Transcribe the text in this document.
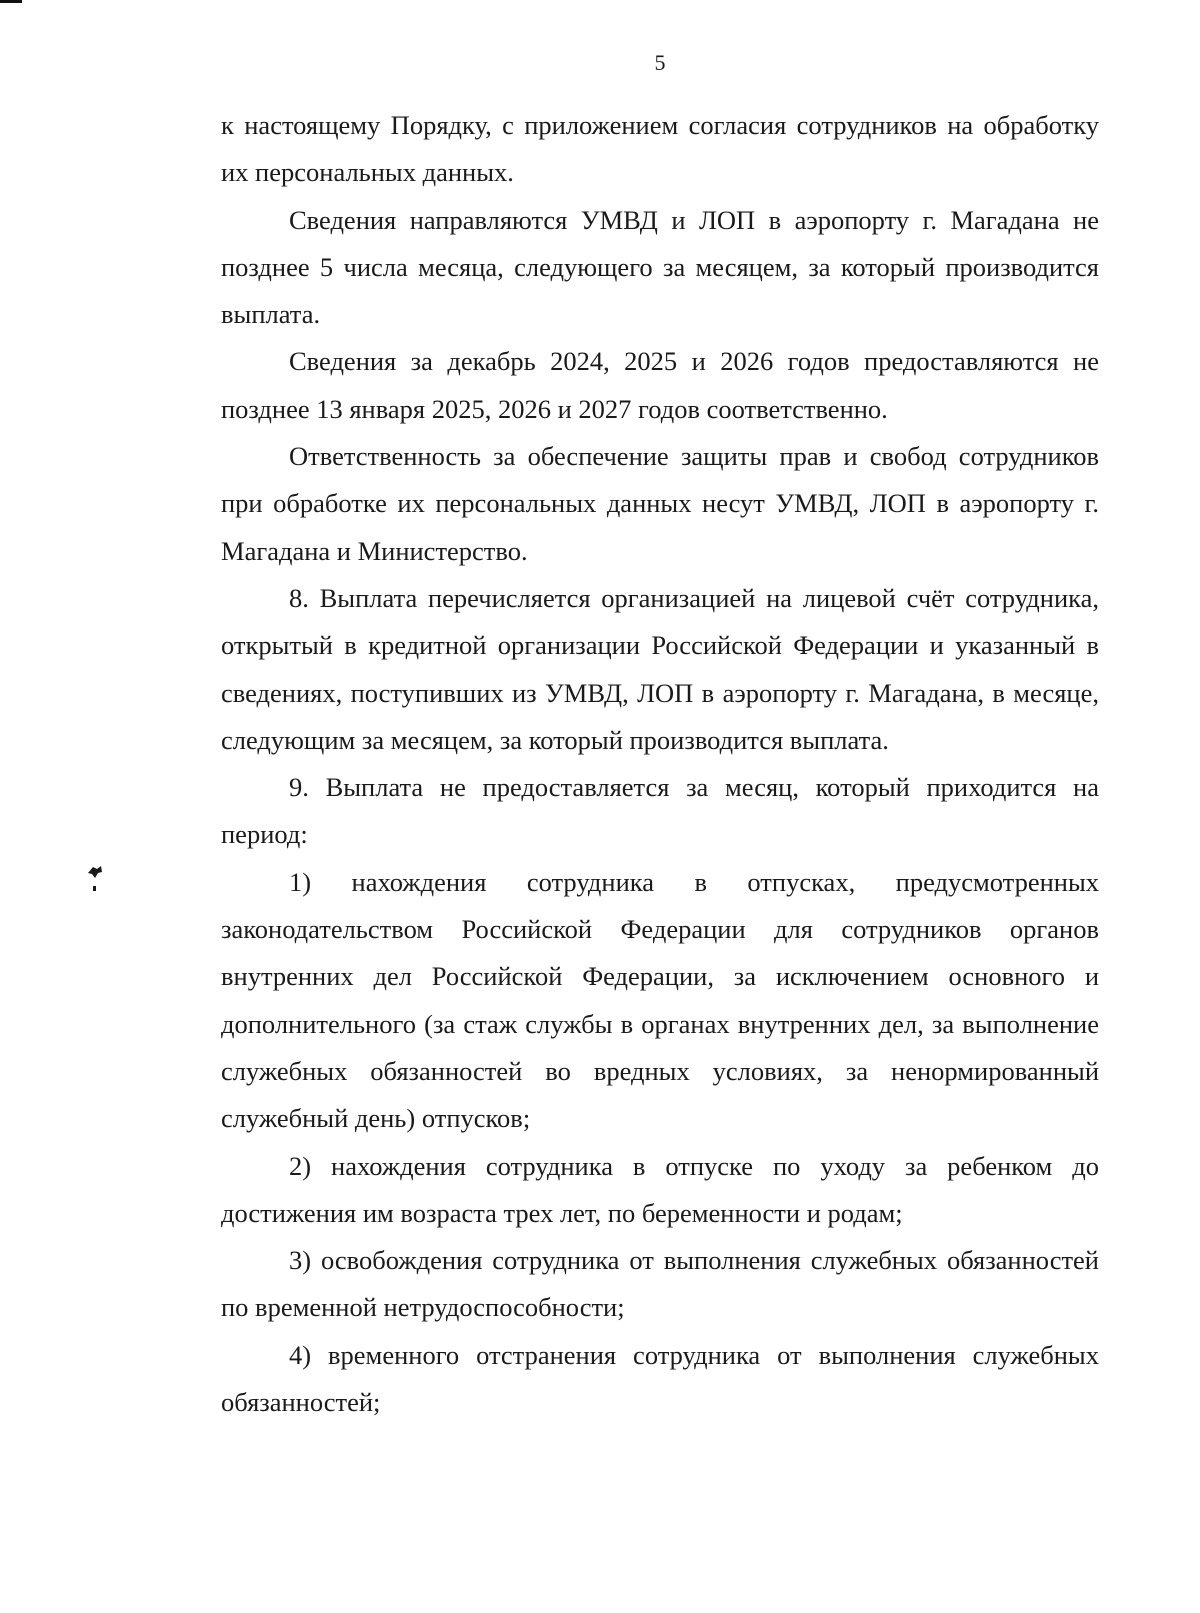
5

к настоящему Порядку, с приложением согласия сотрудников на обработку их персональных данных.

Сведения направляются УМВД и ЛОП в аэропорту г. Магадана не позднее 5 числа месяца, следующего за месяцем, за который производится выплата.

Сведения за декабрь 2024, 2025 и 2026 годов предоставляются не позднее 13 января 2025, 2026 и 2027 годов соответственно.

Ответственность за обеспечение защиты прав и свобод сотрудников при обработке их персональных данных несут УМВД, ЛОП в аэропорту г. Магадана и Министерство.

8. Выплата перечисляется организацией на лицевой счёт сотрудника, открытый в кредитной организации Российской Федерации и указанный в сведениях, поступивших из УМВД, ЛОП в аэропорту г. Магадана, в месяце, следующим за месяцем, за который производится выплата.

9. Выплата не предоставляется за месяц, который приходится на период:

1) нахождения сотрудника в отпусках, предусмотренных законодательством Российской Федерации для сотрудников органов внутренних дел Российской Федерации, за исключением основного и дополнительного (за стаж службы в органах внутренних дел, за выполнение служебных обязанностей во вредных условиях, за ненормированный служебный день) отпусков;

2) нахождения сотрудника в отпуске по уходу за ребенком до достижения им возраста трех лет, по беременности и родам;

3) освобождения сотрудника от выполнения служебных обязанностей по временной нетрудоспособности;

4) временного отстранения сотрудника от выполнения служебных обязанностей;
